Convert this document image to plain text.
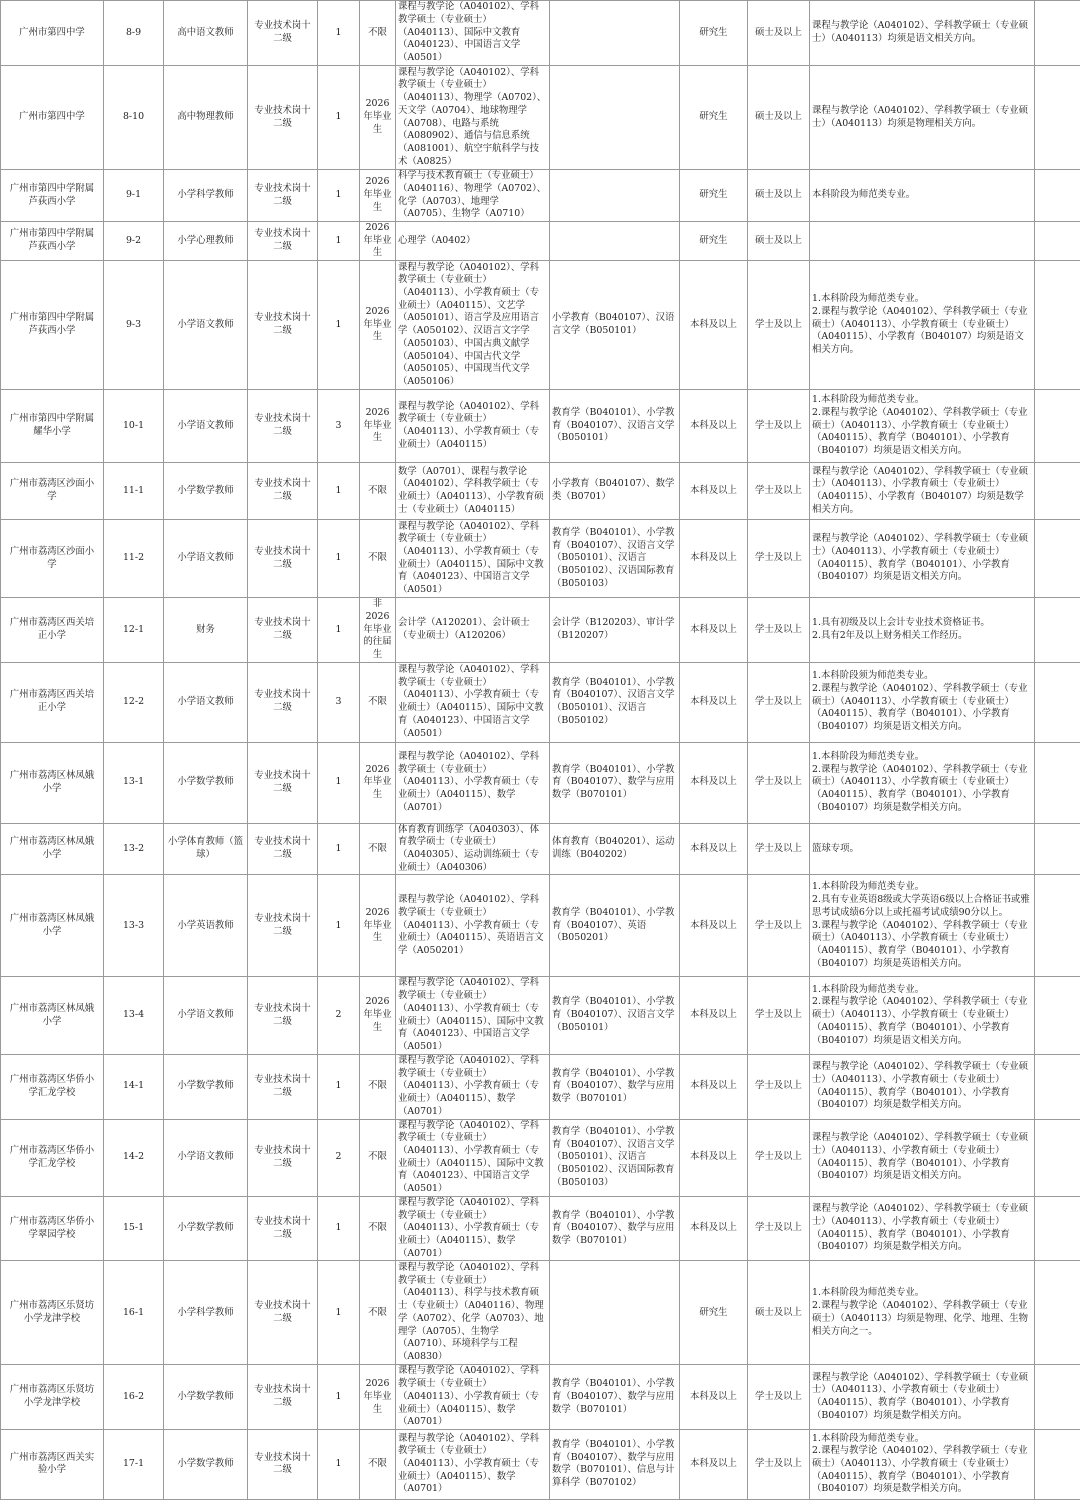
广州市第四中学	8-9	高中语文教师	专业技术岗十二级	1	不限	课程与教学论（A040102）、学科教学硕士（专业硕士）（A040113）、国际中文教育（A040123）、中国语言文学（A0501）		研究生	硕士及以上	课程与教学论（A040102）、学科教学硕士（专业硕士）（A040113）均须是语文相关方向。	

广州市第四中学	8-10	高中物理教师	专业技术岗十二级	1	2026年毕业生	课程与教学论（A040102）、学科教学硕士（专业硕士）（A040113）、物理学（A0702）、天文学（A0704）、地球物理学（A0708）、电路与系统（A080902）、通信与信息系统（A081001）、航空宇航科学与技术（A0825）		研究生	硕士及以上	课程与教学论（A040102）、学科教学硕士（专业硕士）（A040113）均须是物理相关方向。	

广州市第四中学附属芦荻西小学	9-1	小学科学教师	专业技术岗十二级	1	2026年毕业生	科学与技术教育硕士（专业硕士）（A040116）、物理学（A0702）、化学（A0703）、地理学（A0705）、生物学（A0710）		研究生	硕士及以上	本科阶段为师范类专业。	

广州市第四中学附属芦荻西小学	9-2	小学心理教师	专业技术岗十二级	1	2026年毕业生	心理学（A0402）		研究生	硕士及以上		

广州市第四中学附属芦荻西小学	9-3	小学语文教师	专业技术岗十二级	1	2026年毕业生	课程与教学论（A040102）、学科教学硕士（专业硕士）（A040113）、小学教育硕士（专业硕士）（A040115）、文艺学（A050101）、语言学及应用语言学（A050102）、汉语言文字学（A050103）、中国古典文献学（A050104）、中国古代文学（A050105）、中国现当代文学（A050106）	小学教育（B040107）、汉语言文学（B050101）	本科及以上	学士及以上	1.本科阶段为师范类专业。
2.课程与教学论（A040102）、学科教学硕士（专业硕士）（A040113）、小学教育硕士（专业硕士）（A040115）、小学教育（B040107）均须是语文相关方向。	

广州市第四中学附属耀华小学	10-1	小学语文教师	专业技术岗十二级	3	2026年毕业生	课程与教学论（A040102）、学科教学硕士（专业硕士）（A040113）、小学教育硕士（专业硕士）（A040115）	教育学（B040101）、小学教育（B040107）、汉语言文学（B050101）	本科及以上	学士及以上	1.本科阶段为师范类专业。
2.课程与教学论（A040102）、学科教学硕士（专业硕士）（A040113）、小学教育硕士（专业硕士）（A040115）、教育学（B040101）、小学教育（B040107）均须是语文相关方向。	

广州市荔湾区沙面小学	11-1	小学数学教师	专业技术岗十二级	1	不限	数学（A0701）、课程与教学论（A040102）、学科教学硕士（专业硕士）（A040113）、小学教育硕士（专业硕士）（A040115）	小学教育（B040107）、数学类（B0701）	本科及以上	学士及以上	课程与教学论（A040102）、学科教学硕士（专业硕士）（A040113）、小学教育硕士（专业硕士）（A040115）、小学教育（B040107）均须是数学相关方向。	

广州市荔湾区沙面小学	11-2	小学语文教师	专业技术岗十二级	1	不限	课程与教学论（A040102）、学科教学硕士（专业硕士）（A040113）、小学教育硕士（专业硕士）（A040115）、国际中文教育（A040123）、中国语言文学（A0501）	教育学（B040101）、小学教育（B040107）、汉语言文学（B050101）、汉语言（B050102）、汉语国际教育（B050103）	本科及以上	学士及以上	课程与教学论（A040102）、学科教学硕士（专业硕士）（A040113）、小学教育硕士（专业硕士）（A040115）、教育学（B040101）、小学教育（B040107）均须是语文相关方向。	

广州市荔湾区西关培正小学	12-1	财务	专业技术岗十二级	1	非2026年毕业的往届生	会计学（A120201）、会计硕士（专业硕士）（A120206）	会计学（B120203）、审计学（B120207）	本科及以上	学士及以上	1.具有初级及以上会计专业技术资格证书。
2.具有2年及以上财务相关工作经历。	

广州市荔湾区西关培正小学	12-2	小学语文教师	专业技术岗十二级	3	不限	课程与教学论（A040102）、学科教学硕士（专业硕士）（A040113）、小学教育硕士（专业硕士）（A040115）、国际中文教育（A040123）、中国语言文学（A0501）	教育学（B040101）、小学教育（B040107）、汉语言文学（B050101）、汉语言（B050102）	本科及以上	学士及以上	1.本科阶段须为师范类专业。
2.课程与教学论（A040102）、学科教学硕士（专业硕士）（A040113）、小学教育硕士（专业硕士）（A040115）、教育学（B040101）、小学教育（B040107）均须是语文相关方向。	

广州市荔湾区林凤娥小学	13-1	小学数学教师	专业技术岗十二级	1	2026年毕业生	课程与教学论（A040102）、学科教学硕士（专业硕士）（A040113）、小学教育硕士（专业硕士）（A040115）、数学（A0701）	教育学（B040101）、小学教育（B040107）、数学与应用数学（B070101）	本科及以上	学士及以上	1.本科阶段为师范类专业。
2.课程与教学论（A040102）、学科教学硕士（专业硕士）（A040113）、小学教育硕士（专业硕士）（A040115）、教育学（B040101）、小学教育（B040107）均须是数学相关方向。	

广州市荔湾区林凤娥小学	13-2	小学体育教师（篮球）	专业技术岗十二级	1	不限	体育教育训练学（A040303）、体育教学硕士（专业硕士）（A040305）、运动训练硕士（专业硕士）（A040306）	体育教育（B040201）、运动训练（B040202）	本科及以上	学士及以上	篮球专项。	

广州市荔湾区林凤娥小学	13-3	小学英语教师	专业技术岗十二级	1	2026年毕业生	课程与教学论（A040102）、学科教学硕士（专业硕士）（A040113）、小学教育硕士（专业硕士）（A040115）、英语语言文学（A050201）	教育学（B040101）、小学教育（B040107）、英语（B050201）	本科及以上	学士及以上	1.本科阶段为师范类专业。
2.具有专业英语8级或大学英语6级以上合格证书或雅思考试成绩6分以上或托福考试成绩90分以上。
3.课程与教学论（A040102）、学科教学硕士（专业硕士）（A040113）、小学教育硕士（专业硕士）（A040115）、教育学（B040101）、小学教育（B040107）均须是英语相关方向。	

广州市荔湾区林凤娥小学	13-4	小学语文教师	专业技术岗十二级	2	2026年毕业生	课程与教学论（A040102）、学科教学硕士（专业硕士）（A040113）、小学教育硕士（专业硕士）（A040115）、国际中文教育（A040123）、中国语言文学（A0501）	教育学（B040101）、小学教育（B040107）、汉语言文学（B050101）	本科及以上	学士及以上	1.本科阶段为师范类专业。
2.课程与教学论（A040102）、学科教学硕士（专业硕士）（A040113）、小学教育硕士（专业硕士）（A040115）、教育学（B040101）、小学教育（B040107）均须是语文相关方向。	

广州市荔湾区华侨小学汇龙学校	14-1	小学数学教师	专业技术岗十二级	1	不限	课程与教学论（A040102）、学科教学硕士（专业硕士）（A040113）、小学教育硕士（专业硕士）（A040115）、数学（A0701）	教育学（B040101）、小学教育（B040107）、数学与应用数学（B070101）	本科及以上	学士及以上	课程与教学论（A040102）、学科教学硕士（专业硕士）（A040113）、小学教育硕士（专业硕士）（A040115）、教育学（B040101）、小学教育（B040107）均须是数学相关方向。	

广州市荔湾区华侨小学汇龙学校	14-2	小学语文教师	专业技术岗十二级	2	不限	课程与教学论（A040102）、学科教学硕士（专业硕士）（A040113）、小学教育硕士（专业硕士）（A040115）、国际中文教育（A040123）、中国语言文学（A0501）	教育学（B040101）、小学教育（B040107）、汉语言文学（B050101）、汉语言（B050102）、汉语国际教育（B050103）	本科及以上	学士及以上	课程与教学论（A040102）、学科教学硕士（专业硕士）（A040113）、小学教育硕士（专业硕士）（A040115）、教育学（B040101）、小学教育（B040107）均须是语文相关方向。	

广州市荔湾区华侨小学翠园学校	15-1	小学数学教师	专业技术岗十二级	1	不限	课程与教学论（A040102）、学科教学硕士（专业硕士）（A040113）、小学教育硕士（专业硕士）（A040115）、数学（A0701）	教育学（B040101）、小学教育（B040107）、数学与应用数学（B070101）	本科及以上	学士及以上	课程与教学论（A040102）、学科教学硕士（专业硕士）（A040113）、小学教育硕士（专业硕士）（A040115）、教育学（B040101）、小学教育（B040107）均须是数学相关方向。	

广州市荔湾区乐贤坊小学龙津学校	16-1	小学科学教师	专业技术岗十二级	1	不限	课程与教学论（A040102）、学科教学硕士（专业硕士）（A040113）、科学与技术教育硕士（专业硕士）（A040116）、物理学（A0702）、化学（A0703）、地理学（A0705）、生物学（A0710）、环境科学与工程（A0830）		研究生	硕士及以上	1.本科阶段为师范类专业。
2.课程与教学论（A040102）、学科教学硕士（专业硕士）（A040113）均须是物理、化学、地理、生物相关方向之一。	

广州市荔湾区乐贤坊小学龙津学校	16-2	小学数学教师	专业技术岗十二级	1	2026年毕业生	课程与教学论（A040102）、学科教学硕士（专业硕士）（A040113）、小学教育硕士（专业硕士）（A040115）、数学（A0701）	教育学（B040101）、小学教育（B040107）、数学与应用数学（B070101）	本科及以上	学士及以上	课程与教学论（A040102）、学科教学硕士（专业硕士）（A040113）、小学教育硕士（专业硕士）（A040115）、教育学（B040101）、小学教育（B040107）均须是数学相关方向。	

广州市荔湾区西关实验小学	17-1	小学数学教师	专业技术岗十二级	1	不限	课程与教学论（A040102）、学科教学硕士（专业硕士）（A040113）、小学教育硕士（专业硕士）（A040115）、数学（A0701）	教育学（B040101）、小学教育（B040107）、数学与应用数学（B070101）、信息与计算科学（B070102）	本科及以上	学士及以上	1.本科阶段为师范类专业。
2.课程与教学论（A040102）、学科教学硕士（专业硕士）（A040113）、小学教育硕士（专业硕士）（A040115）、教育学（B040101）、小学教育（B040107）均须是数学相关方向。	
